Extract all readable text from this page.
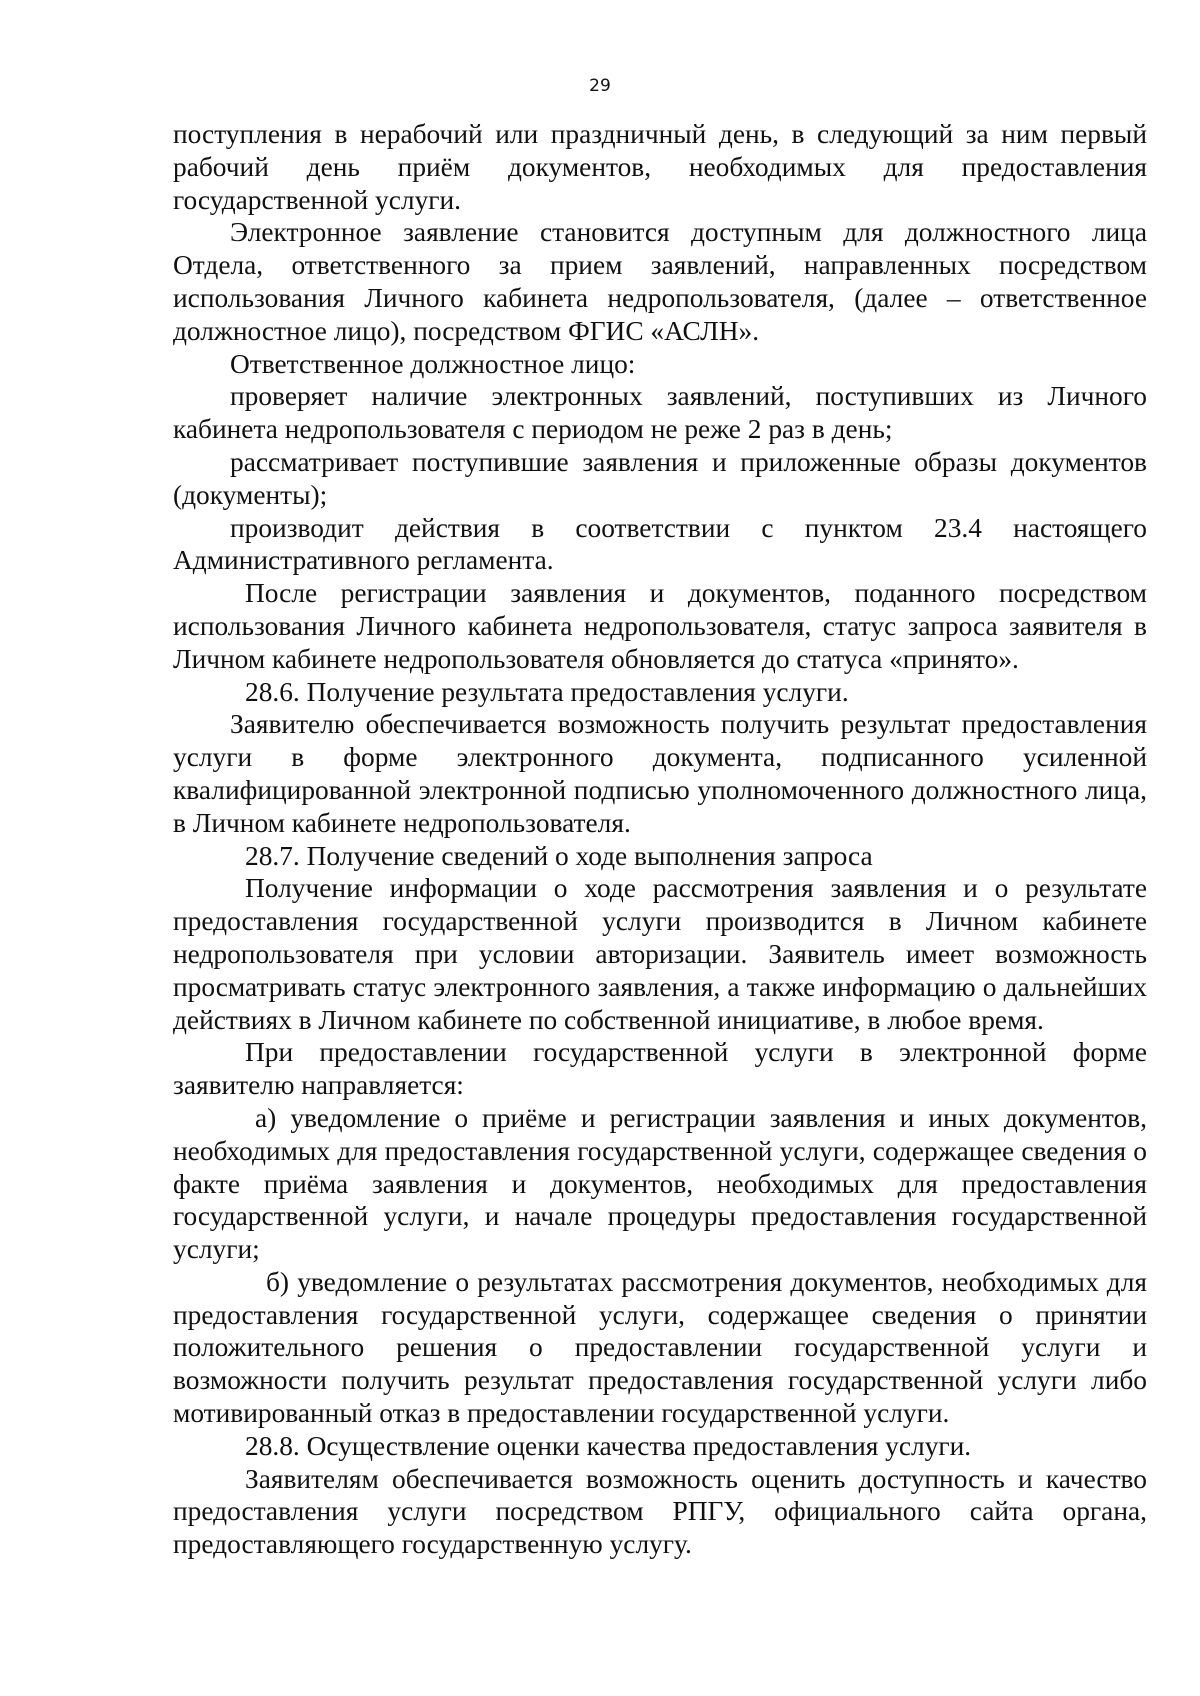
29

поступления в нерабочий или праздничный день, в следующий за ним первый рабочий день приём документов, необходимых для предоставления государственной услуги.

Электронное заявление становится доступным для должностного лица Отдела, ответственного за прием заявлений, направленных посредством использования Личного кабинета недропользователя, (далее – ответственное должностное лицо), посредством ФГИС «АСЛН».

Ответственное должностное лицо:

проверяет наличие электронных заявлений, поступивших из Личного кабинета недропользователя с периодом не реже 2 раз в день;

рассматривает поступившие заявления и приложенные образы документов (документы);

производит действия в соответствии с пунктом 23.4 настоящего Административного регламента.

После регистрации заявления и документов, поданного посредством использования Личного кабинета недропользователя, статус запроса заявителя в Личном кабинете недропользователя обновляется до статуса «принято».

28.6. Получение результата предоставления услуги.

Заявителю обеспечивается возможность получить результат предоставления услуги в форме электронного документа, подписанного усиленной квалифицированной электронной подписью уполномоченного должностного лица, в Личном кабинете недропользователя.

28.7. Получение сведений о ходе выполнения запроса

Получение информации о ходе рассмотрения заявления и о результате предоставления государственной услуги производится в Личном кабинете недропользователя при условии авторизации. Заявитель имеет возможность просматривать статус электронного заявления, а также информацию о дальнейших действиях в Личном кабинете по собственной инициативе, в любое время.

При предоставлении государственной услуги в электронной форме заявителю направляется:

а) уведомление о приёме и регистрации заявления и иных документов, необходимых для предоставления государственной услуги, содержащее сведения о факте приёма заявления и документов, необходимых для предоставления государственной услуги, и начале процедуры предоставления государственной услуги;

б) уведомление о результатах рассмотрения документов, необходимых для предоставления государственной услуги, содержащее сведения о принятии положительного решения о предоставлении государственной услуги и возможности получить результат предоставления государственной услуги либо мотивированный отказ в предоставлении государственной услуги.

28.8. Осуществление оценки качества предоставления услуги.

Заявителям обеспечивается возможность оценить доступность и качество предоставления услуги посредством РПГУ, официального сайта органа, предоставляющего государственную услугу.
